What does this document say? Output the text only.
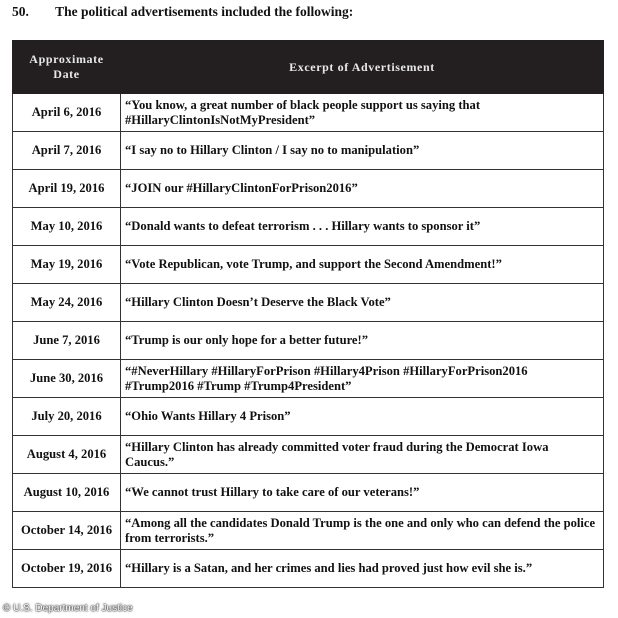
50. The political advertisements included the following:
Approximate Date	Excerpt of Advertisement
April 6, 2016	“You know, a great number of black people support us saying that #HillaryClintonIsNotMyPresident”
April 7, 2016	“I say no to Hillary Clinton / I say no to manipulation”
April 19, 2016	“JOIN our #HillaryClintonForPrison2016”
May 10, 2016	“Donald wants to defeat terrorism . . . Hillary wants to sponsor it”
May 19, 2016	“Vote Republican, vote Trump, and support the Second Amendment!”
May 24, 2016	“Hillary Clinton Doesn’t Deserve the Black Vote”
June 7, 2016	“Trump is our only hope for a better future!”
June 30, 2016	“#NeverHillary #HillaryForPrison #Hillary4Prison #HillaryForPrison2016 #Trump2016 #Trump #Trump4President”
July 20, 2016	“Ohio Wants Hillary 4 Prison”
August 4, 2016	“Hillary Clinton has already committed voter fraud during the Democrat Iowa Caucus.”
August 10, 2016	“We cannot trust Hillary to take care of our veterans!”
October 14, 2016	“Among all the candidates Donald Trump is the one and only who can defend the police from terrorists.”
October 19, 2016	“Hillary is a Satan, and her crimes and lies had proved just how evil she is.”
© U.S. Department of Justice
